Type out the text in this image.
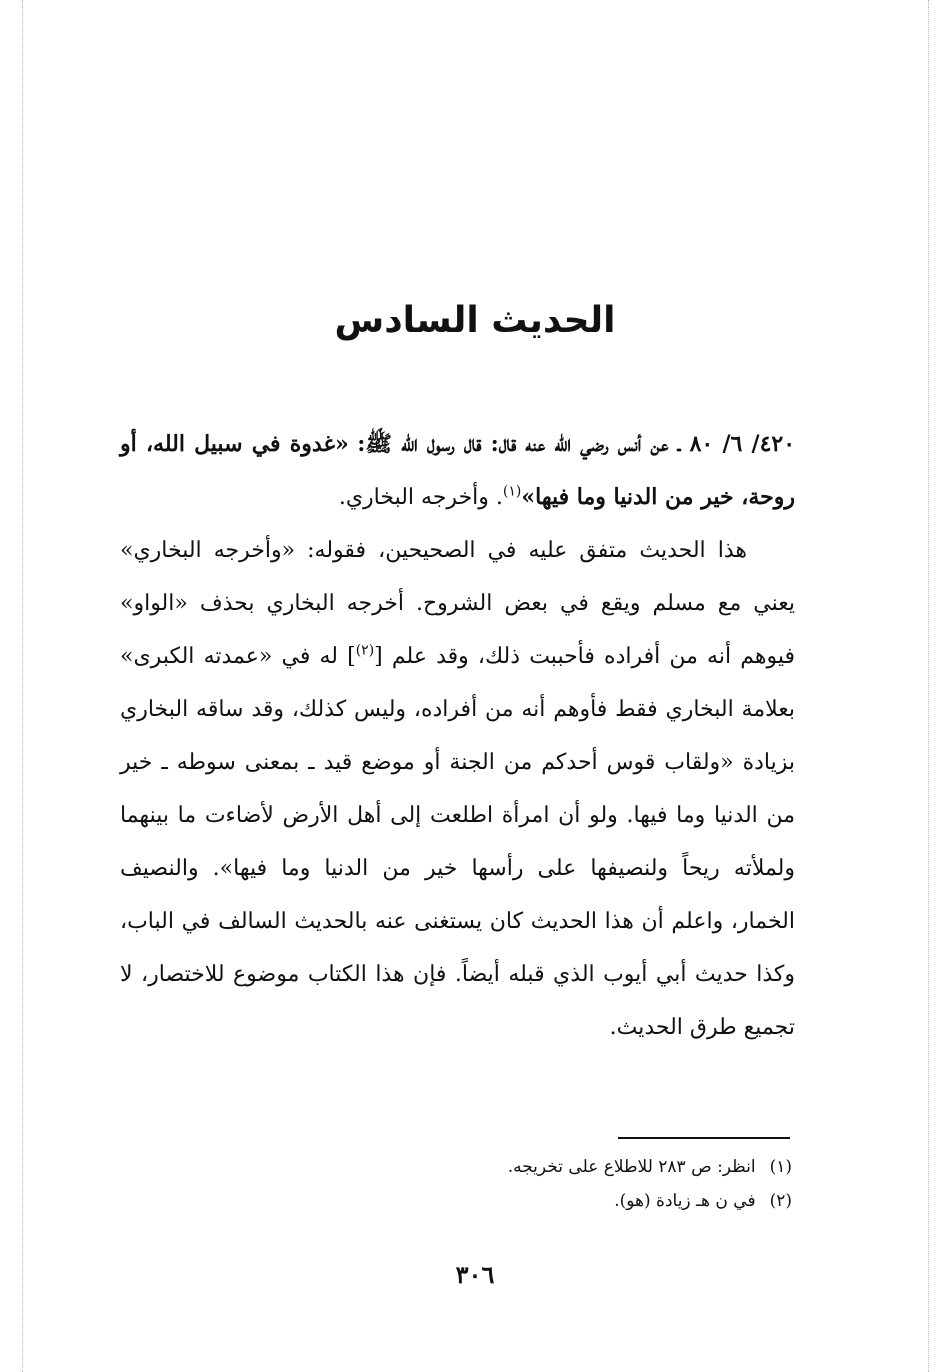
الحديث السادس

٤٢٠/ ٦/ ٨٠ ـ عن أنس رضي الله عنه قال: قال رسول الله ﷺ: «غدوة في سبيل الله، أو روحة، خير من الدنيا وما فيها»$^{(١)}$. وأخرجه البخاري.

هذا الحديث متفق عليه في الصحيحين، فقوله: «وأخرجه البخاري» يعني مع مسلم ويقع في بعض الشروح. أخرجه البخاري بحذف «الواو» فيوهم أنه من أفراده فأحببت ذلك، وقد علم [$^{(٢)}$] له في «عمدته الكبرى» بعلامة البخاري فقط فأوهم أنه من أفراده، وليس كذلك، وقد ساقه البخاري بزيادة «ولقاب قوس أحدكم من الجنة أو موضع قيد ـ بمعنى سوطه ـ خير من الدنيا وما فيها. ولو أن امرأة اطلعت إلى أهل الأرض لأضاءت ما بينهما ولملأته ريحاً ولنصيفها على رأسها خير من الدنيا وما فيها». والنصيف الخمار، واعلم أن هذا الحديث كان يستغنى عنه بالحديث السالف في الباب، وكذا حديث أبي أيوب الذي قبله أيضاً. فإن هذا الكتاب موضوع للاختصار، لا تجميع طرق الحديث.

(١)انظر: ص ٢٨٣ للاطلاع على تخريجه.
(٢)في ن هـ زيادة (هو).
٣٠٦
